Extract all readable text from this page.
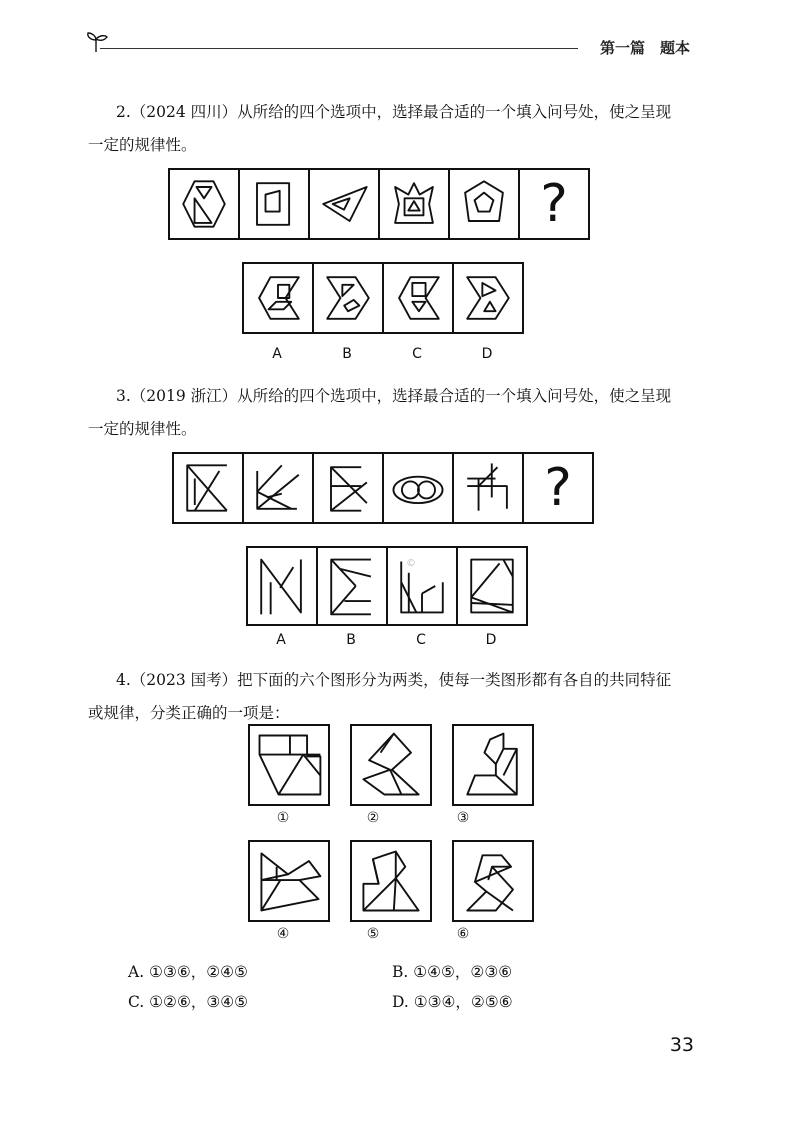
第一篇　题本
2.（2024 四川）从所给的四个选项中，选择最合适的一个填入问号处，使之呈现
一定的规律性。
?
A	B	C	D
3.（2019 浙江）从所给的四个选项中，选择最合适的一个填入问号处，使之呈现
一定的规律性。
?
©
A	B	C	D
4.（2023 国考）把下面的六个图形分为两类，使每一类图形都有各自的共同特征
或规律，分类正确的一项是：
①	②	③
④	⑤	⑥
A. ①③⑥，②④⑤	B. ①④⑤，②③⑥
C. ①②⑥，③④⑤	D. ①③④，②⑤⑥
33
